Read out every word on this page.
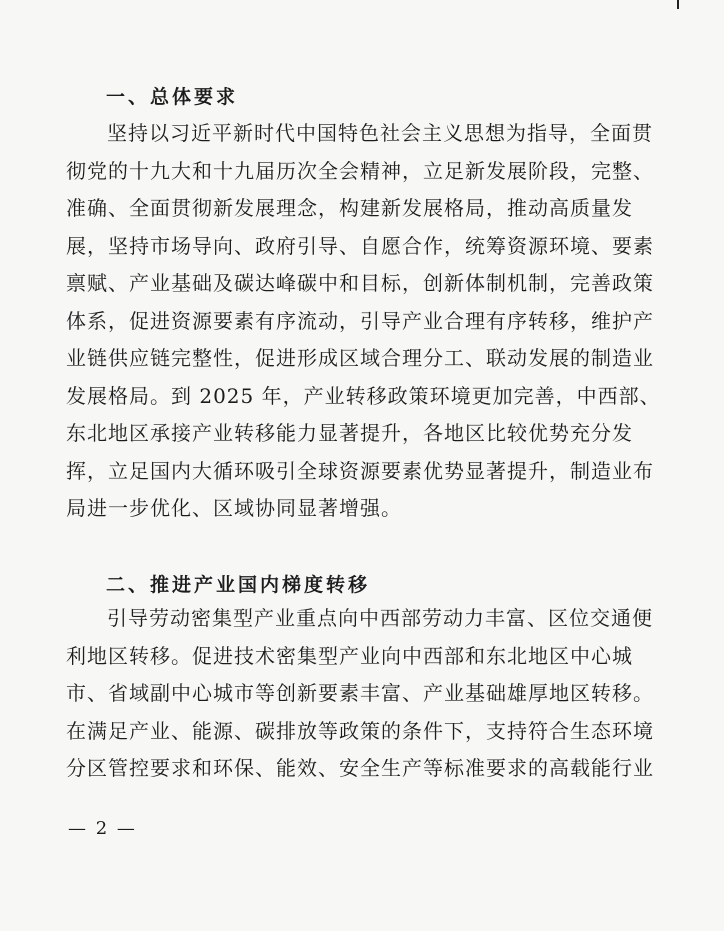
一、总体要求
坚持以习近平新时代中国特色社会主义思想为指导，全面贯
彻党的十九大和十九届历次全会精神，立足新发展阶段，完整、
准确、全面贯彻新发展理念，构建新发展格局，推动高质量发
展，坚持市场导向、政府引导、自愿合作，统筹资源环境、要素
禀赋、产业基础及碳达峰碳中和目标，创新体制机制，完善政策
体系，促进资源要素有序流动，引导产业合理有序转移，维护产
业链供应链完整性，促进形成区域合理分工、联动发展的制造业
发展格局。到 2025 年，产业转移政策环境更加完善，中西部、
东北地区承接产业转移能力显著提升，各地区比较优势充分发
挥，立足国内大循环吸引全球资源要素优势显著提升，制造业布
局进一步优化、区域协同显著增强。
二、推进产业国内梯度转移
引导劳动密集型产业重点向中西部劳动力丰富、区位交通便
利地区转移。促进技术密集型产业向中西部和东北地区中心城
市、省域副中心城市等创新要素丰富、产业基础雄厚地区转移。
在满足产业、能源、碳排放等政策的条件下，支持符合生态环境
分区管控要求和环保、能效、安全生产等标准要求的高载能行业

— 2 —
